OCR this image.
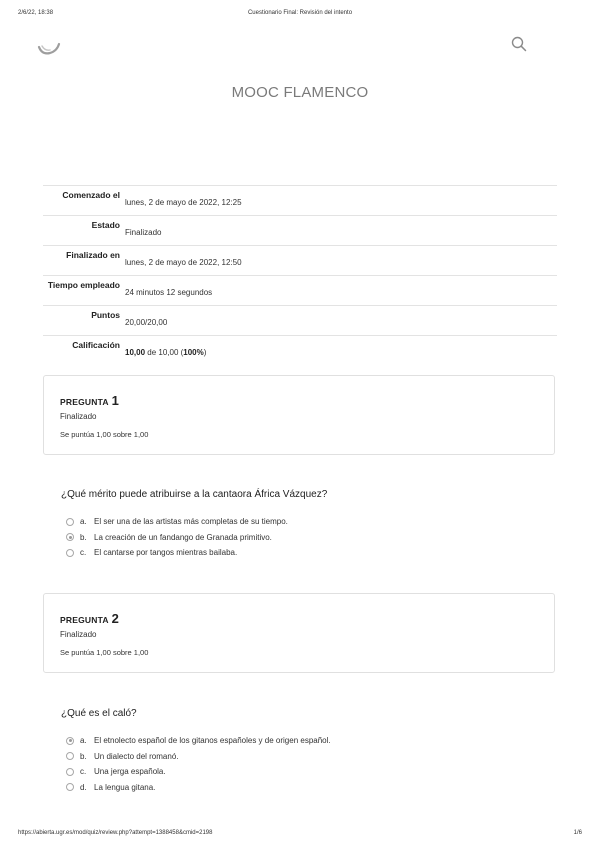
2/6/22, 18:38	Cuestionario Final: Revisión del intento
MOOC FLAMENCO
Comenzado el
lunes, 2 de mayo de 2022, 12:25
Estado
Finalizado
Finalizado en
lunes, 2 de mayo de 2022, 12:50
Tiempo empleado
24 minutos 12 segundos
Puntos
20,00/20,00
Calificación
10,00 de 10,00 (100%)
PREGUNTA 1
Finalizado
Se puntúa 1,00 sobre 1,00
¿Qué mérito puede atribuirse a la cantaora África Vázquez?
a. El ser una de las artistas más completas de su tiempo.
b. La creación de un fandango de Granada primitivo.
c. El cantarse por tangos mientras bailaba.
PREGUNTA 2
Finalizado
Se puntúa 1,00 sobre 1,00
¿Qué es el caló?
a. El etnolecto español de los gitanos españoles y de origen español.
b. Un dialecto del romanó.
c. Una jerga española.
d. La lengua gitana.
https://abierta.ugr.es/mod/quiz/review.php?attempt=1388458&cmid=2198	1/6
